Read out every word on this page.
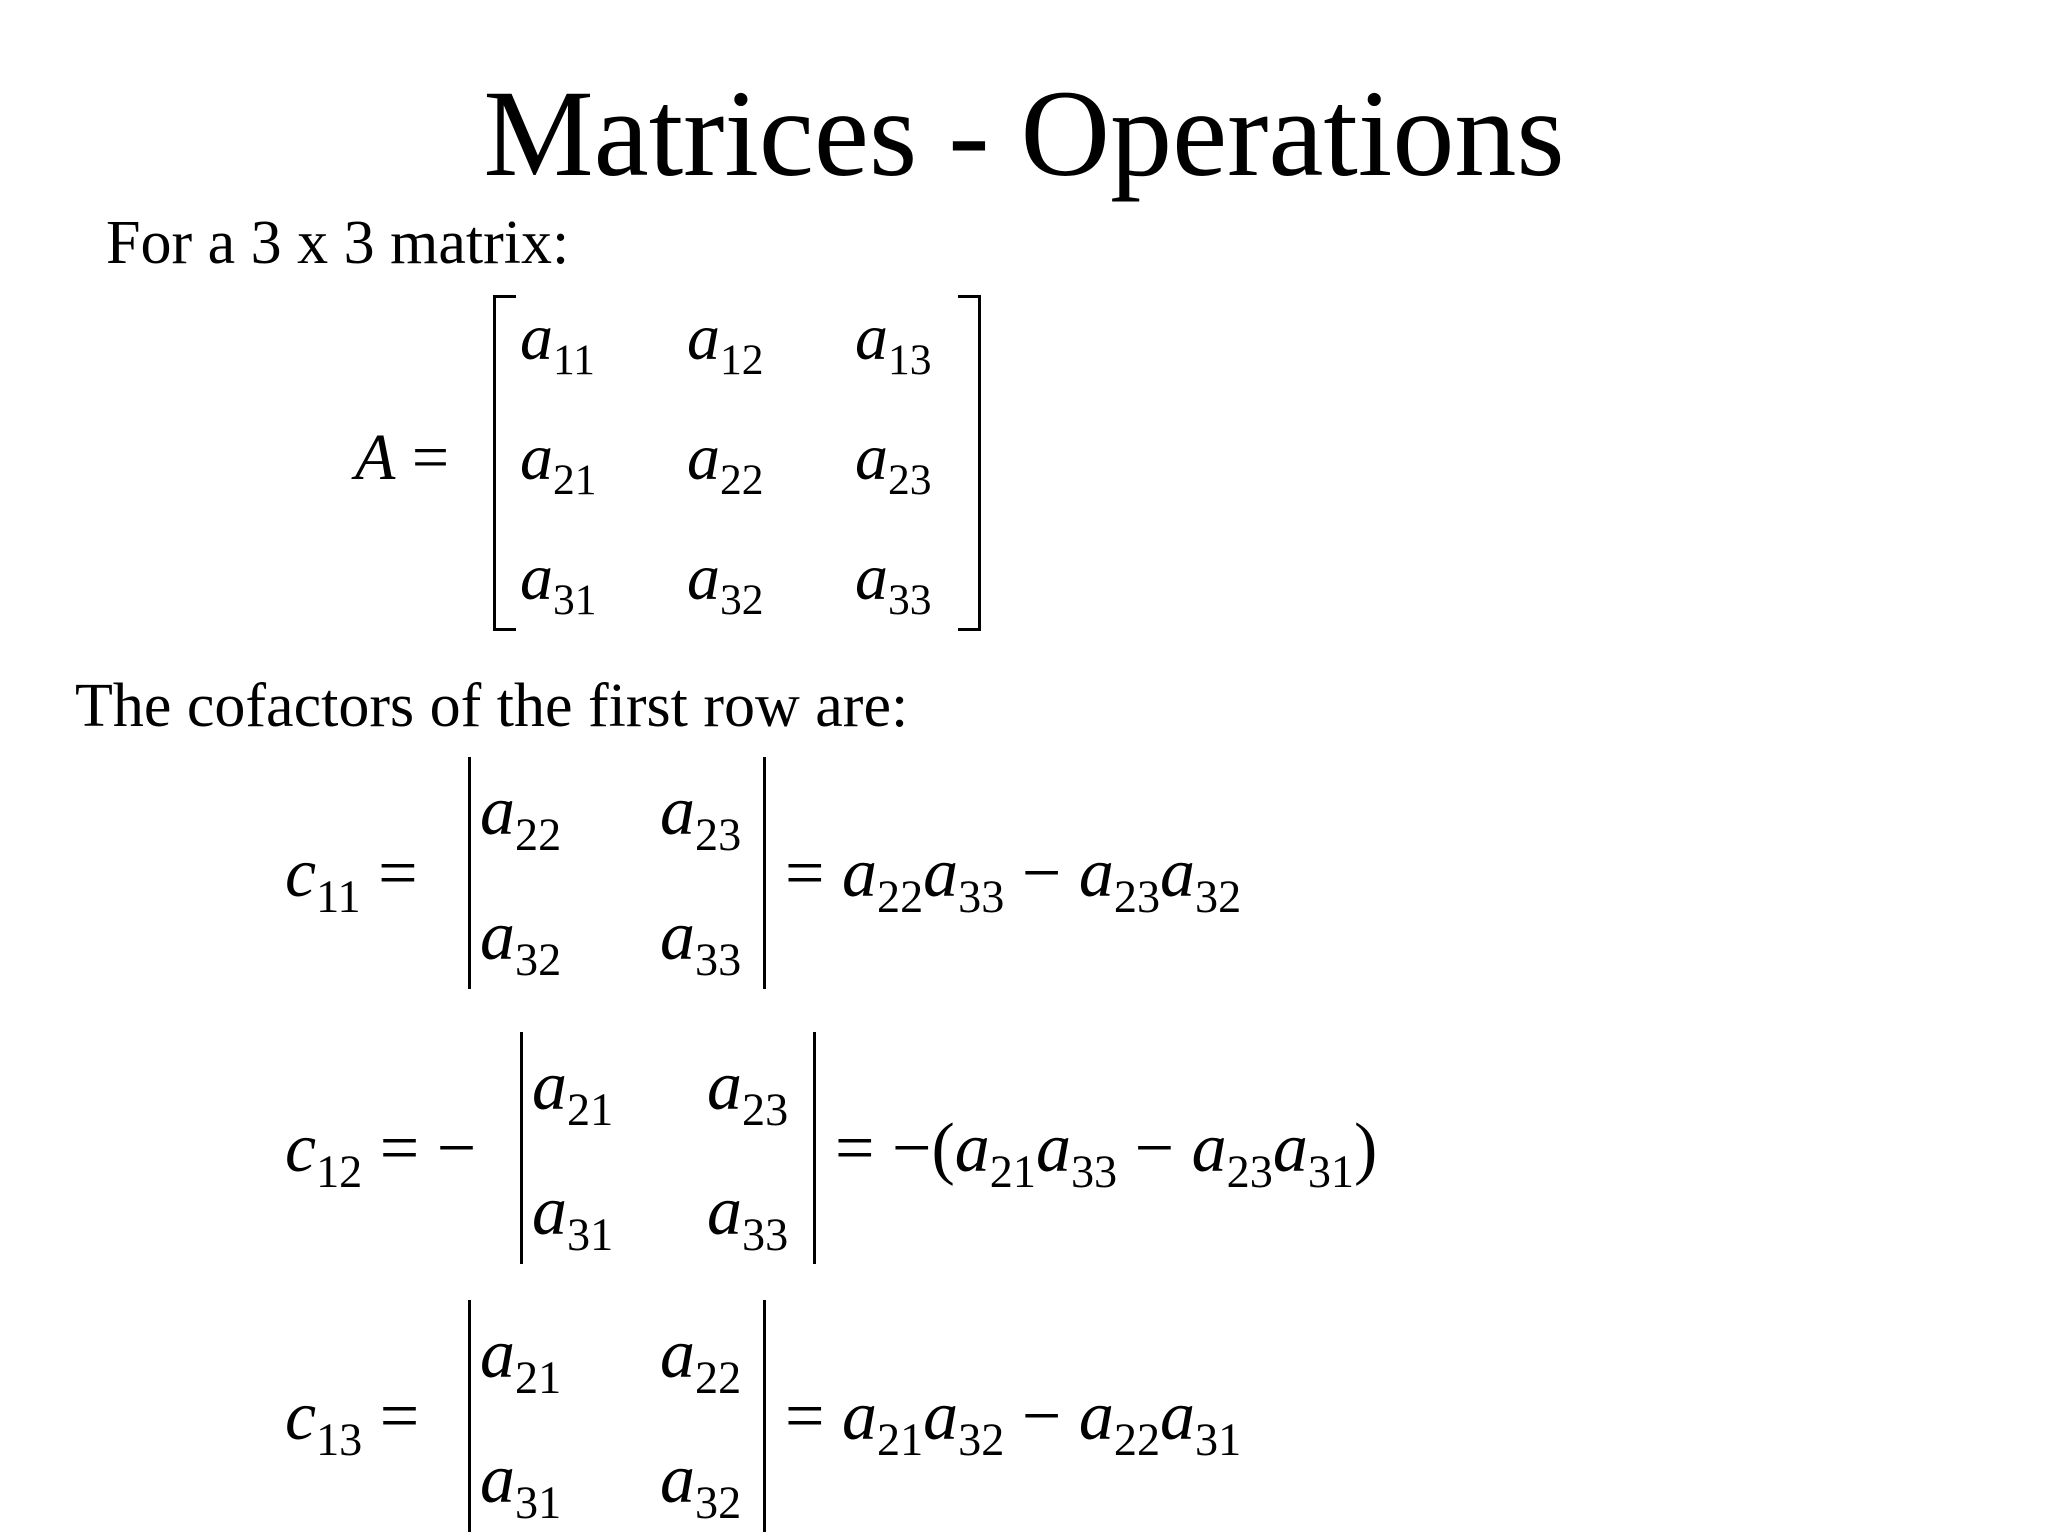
Matrices - Operations
For a 3 x 3 matrix:
A =
$a_{11}$ $a_{12}$ $a_{13}$
$a_{21}$ $a_{22}$ $a_{23}$
$a_{31}$ $a_{32}$ $a_{33}$
The cofactors of the first row are:
$c_{11}$ =
$a_{22}$ $a_{23}$
$a_{32}$ $a_{33}$
= $a_{22}a_{33} - a_{23}a_{32}$
$c_{12}$ = −
$a_{21}$ $a_{23}$
$a_{31}$ $a_{33}$
= $-(a_{21}a_{33} - a_{23}a_{31})$
$c_{13}$ =
$a_{21}$ $a_{22}$
$a_{31}$ $a_{32}$
= $a_{21}a_{32} - a_{22}a_{31}$
